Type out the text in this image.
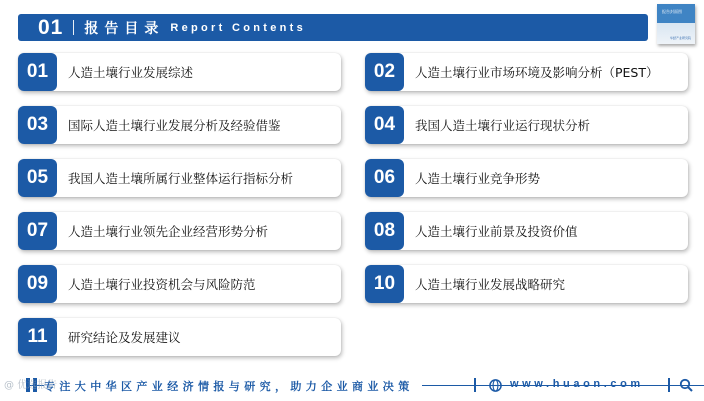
01 报告目录 Report Contents
报告封面图
华经产业研究院
01	人造土壤行业发展综述
03	国际人造土壤行业发展分析及经验借鉴
05	我国人造土壤所属行业整体运行指标分析
07	人造土壤行业领先企业经营形势分析
09	人造土壤行业投资机会与风险防范
11	研究结论及发展建议
02	人造土壤行业市场环境及影响分析（PEST）
04	我国人造土壤行业运行现状分析
06	人造土壤行业竞争形势
08	人造土壤行业前景及投资价值
10	人造土壤行业发展战略研究
专注大中华区产业经济情报与研究，助力企业商业决策	www.huaon.com
@ 优选报告
